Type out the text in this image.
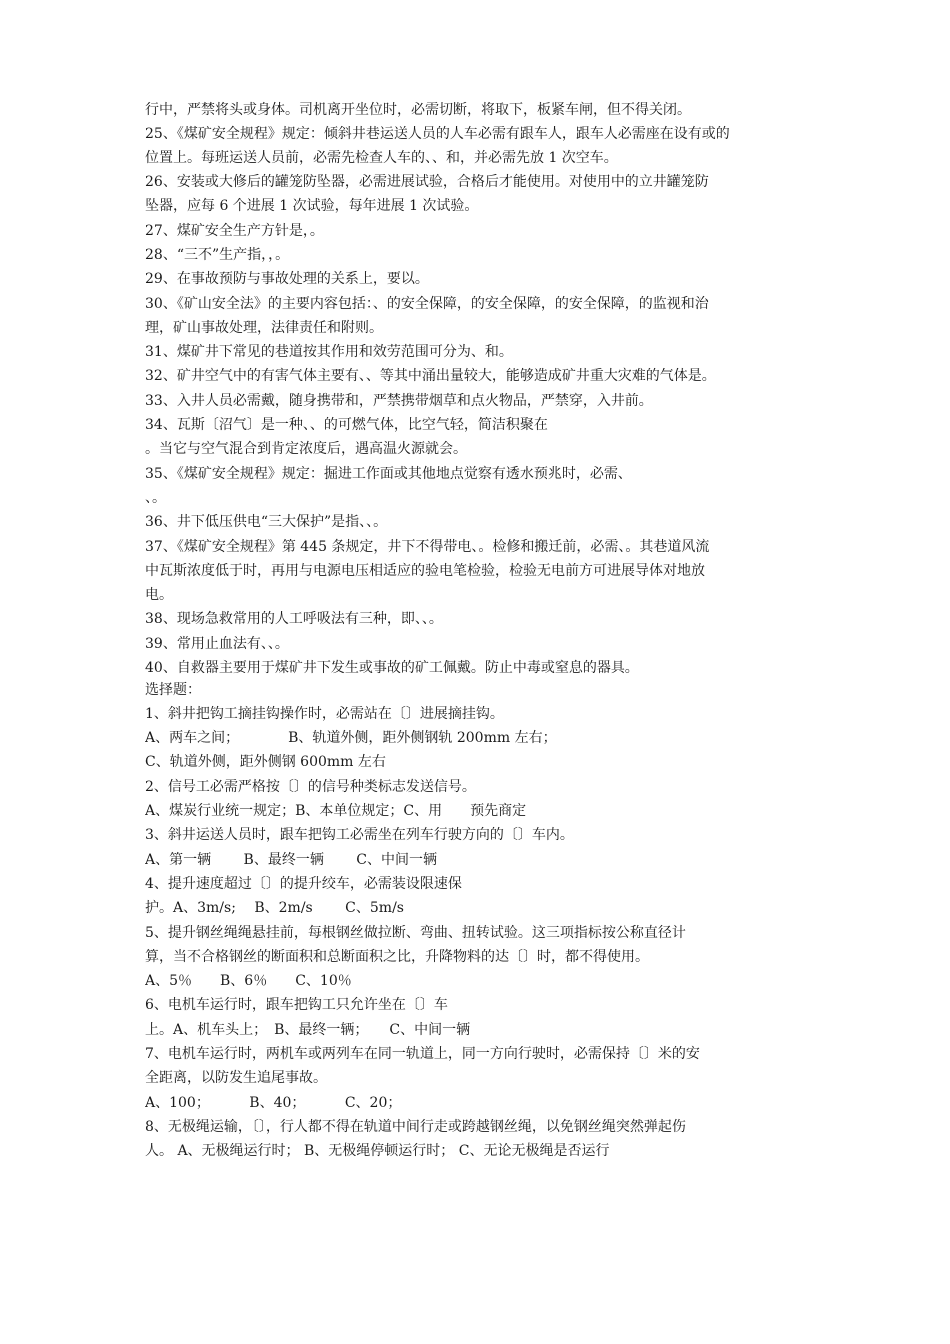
行中，严禁将头或身体。司机离开坐位时，必需切断，将取下，板紧车闸，但不得关闭。
25、《煤矿安全规程》规定：倾斜井巷运送人员的人车必需有跟车人，跟车人必需座在设有或的
位置上。每班运送人员前，必需先检查人车的、、和，并必需先放 1 次空车。
26、安装或大修后的罐笼防坠器，必需进展试验，合格后才能使用。对使用中的立井罐笼防
坠器，应每 6 个进展 1 次试验，每年进展 1 次试验。
27、煤矿安全生产方针是，。
28、“三不”生产指，，。
29、在事故预防与事故处理的关系上，要以。
30、《矿山安全法》的主要内容包括：、的安全保障，的安全保障，的安全保障，的监视和治
理，矿山事故处理，法律责任和附则。
31、煤矿井下常见的巷道按其作用和效劳范围可分为、和。
32、矿井空气中的有害气体主要有、、等其中涌出量较大，能够造成矿井重大灾难的气体是。
33、入井人员必需戴，随身携带和，严禁携带烟草和点火物品，严禁穿，入井前。
34、瓦斯〔沼气〕是一种、、的可燃气体，比空气轻，简洁积聚在
。当它与空气混合到肯定浓度后，遇高温火源就会。
35、《煤矿安全规程》规定：掘进工作面或其他地点觉察有透水预兆时，必需、
、。
36、井下低压供电“三大保护”是指、、。
37、《煤矿安全规程》第 445 条规定，井下不得带电、。检修和搬迁前，必需、。其巷道风流
中瓦斯浓度低于时，再用与电源电压相适应的验电笔检验，检验无电前方可进展导体对地放
电。
38、现场急救常用的人工呼吸法有三种，即、、。
39、常用止血法有、、。
40、自救器主要用于煤矿井下发生或事故的矿工佩戴。防止中毒或窒息的器具。
选择题：
1、斜井把钩工摘挂钩操作时，必需站在〔〕进展摘挂钩。
A、两车之间；　　　　B、轨道外侧，距外侧钢轨 200mm 左右；
C、轨道外侧，距外侧钢 600mm 左右
2、信号工必需严格按〔〕的信号种类标志发送信号。
A、煤炭行业统一规定；B、本单位规定；C、用　　预先商定
3、斜井运送人员时，跟车把钩工必需坐在列车行驶方向的〔〕车内。
A、第一辆　　 B、最终一辆　　 C、中间一辆
4、提升速度超过〔〕的提升绞车，必需装设限速保
护。A、3m/s;　 B、2m/s　　 C、5m/s
5、提升钢丝绳绳悬挂前，每根钢丝做拉断、弯曲、扭转试验。这三项指标按公称直径计
算，当不合格钢丝的断面积和总断面积之比，升降物料的达〔〕时，都不得使用。
A、5％　　B、6％　　C、10％
6、电机车运行时，跟车把钩工只允许坐在〔〕车
上。A、机车头上；　B、最终一辆；　　C、中间一辆
7、电机车运行时，两机车或两列车在同一轨道上，同一方向行驶时，必需保持〔〕米的安
全距离，以防发生追尾事故。
A、100；　　　 B、40；　　　 C、20；
8、无极绳运输，〔〕，行人都不得在轨道中间行走或跨越钢丝绳，以免钢丝绳突然弹起伤
人。 A、无极绳运行时； B、无极绳停顿运行时； C、无论无极绳是否运行
